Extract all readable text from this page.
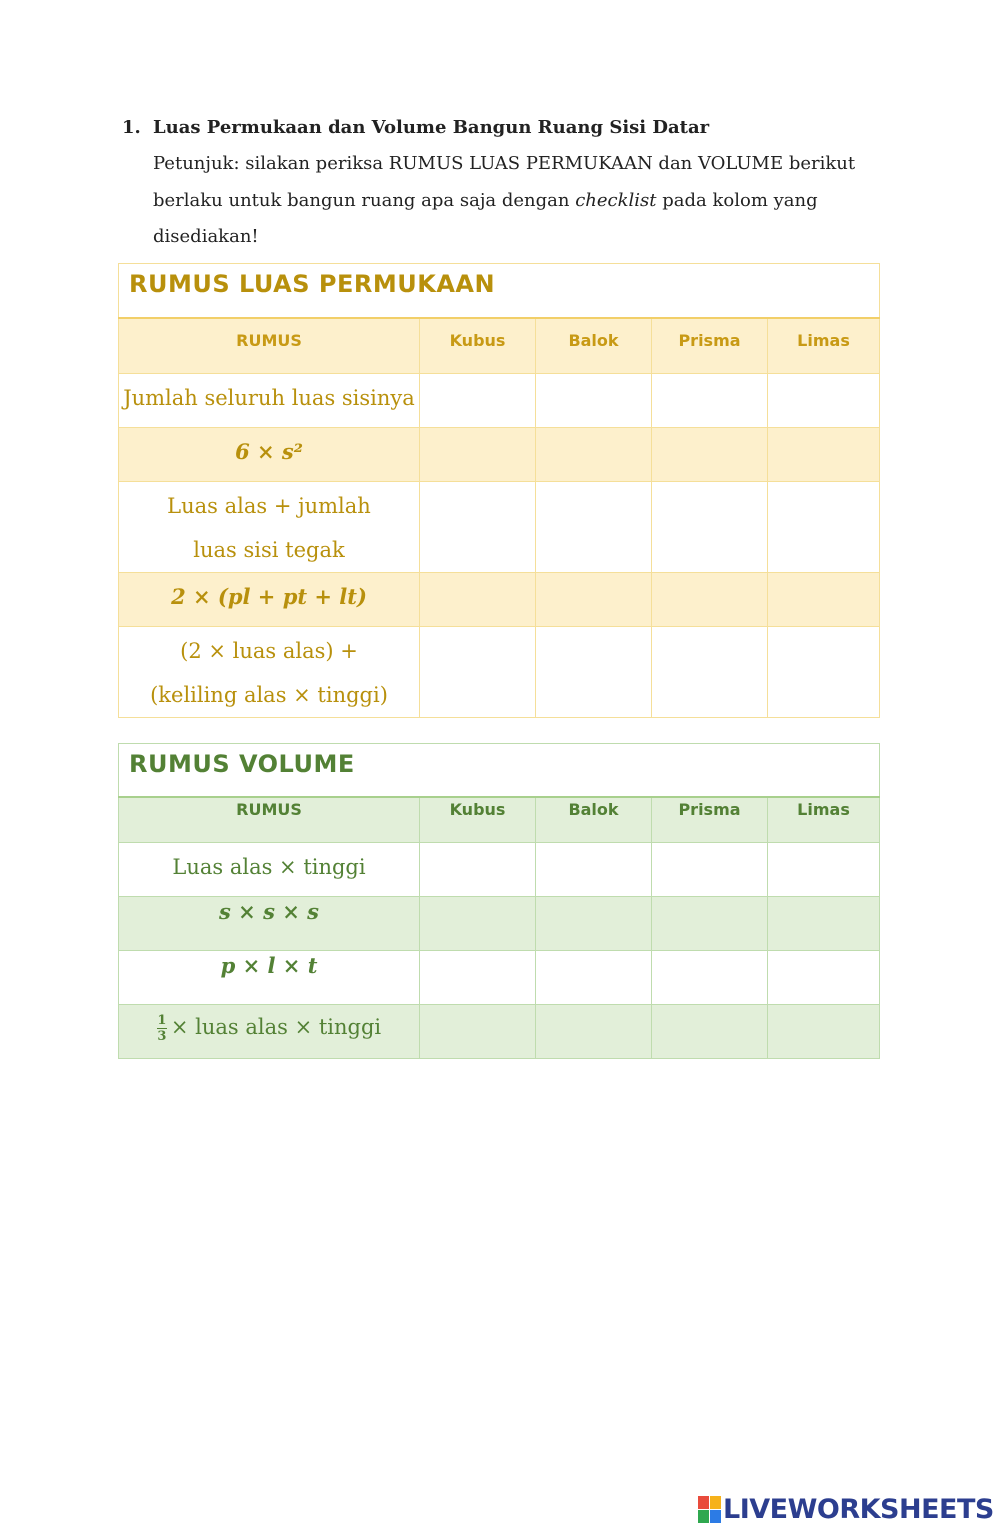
1. Luas Permukaan dan Volume Bangun Ruang Sisi Datar
Petunjuk: silakan periksa RUMUS LUAS PERMUKAAN dan VOLUME berikut
berlaku untuk bangun ruang apa saja dengan checklist pada kolom yang
disediakan!
RUMUS LUAS PERMUKAAN				
RUMUS	Kubus	Balok	Prisma	Limas
Jumlah seluruh luas sisinya				
6 × s²				
Luas alas + jumlah luas sisi tegak				
2 × (pl + pt + lt)				
(2 × luas alas) + (keliling alas × tinggi)				
RUMUS VOLUME				
RUMUS	Kubus	Balok	Prisma	Limas
Luas alas × tinggi				
s × s × s				
p × l × t				

$\frac{1}{3}$ × luas alas × tinggi				
LIVEWORKSHEETS
